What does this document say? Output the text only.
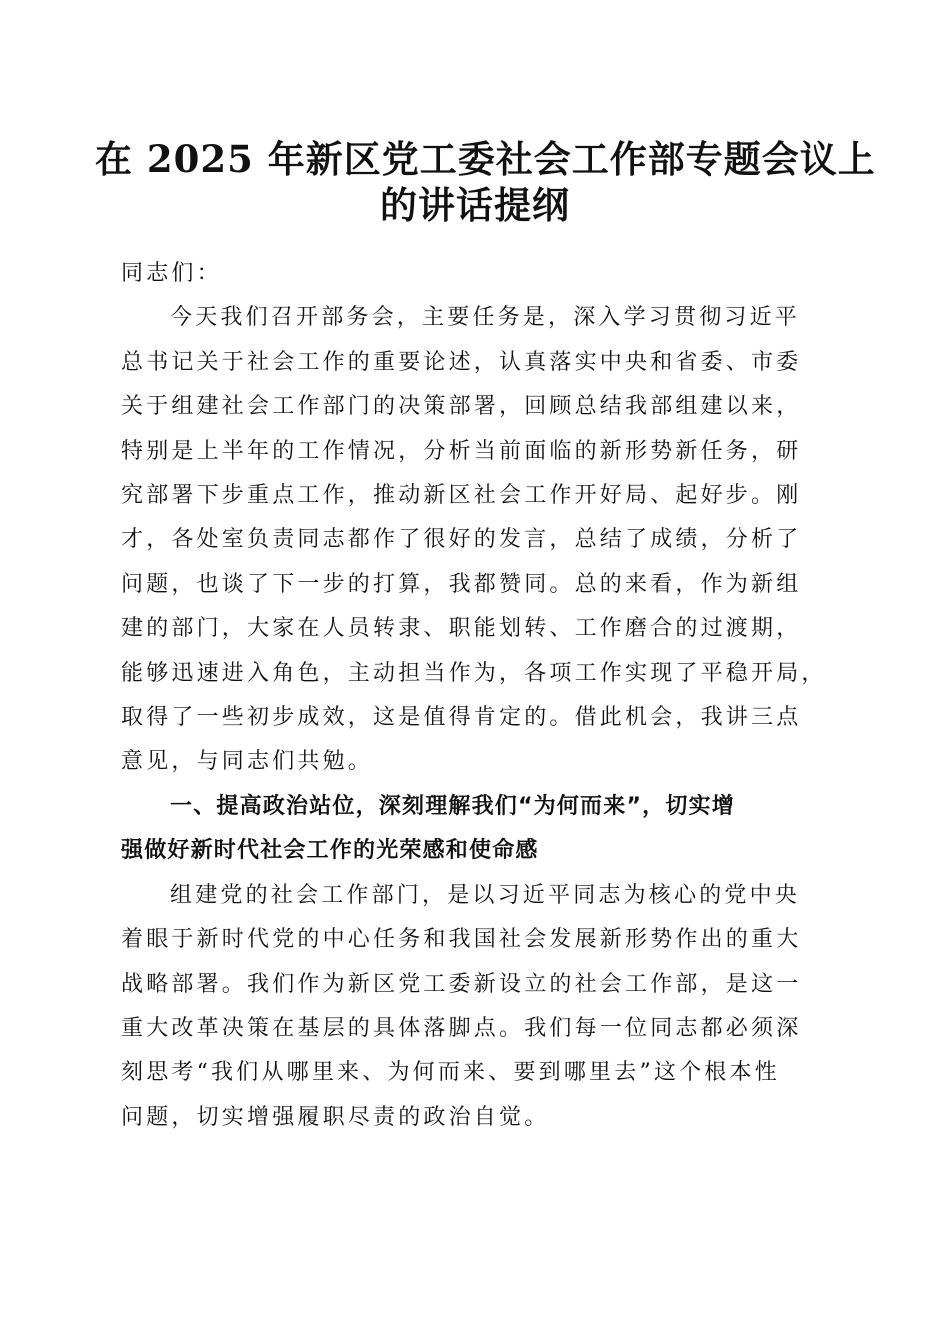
在 2025 年新区党工委社会工作部专题会议上
的讲话提纲

同志们：

今天我们召开部务会，主要任务是，深入学习贯彻习近平
总书记关于社会工作的重要论述，认真落实中央和省委、市委
关于组建社会工作部门的决策部署，回顾总结我部组建以来，
特别是上半年的工作情况，分析当前面临的新形势新任务，研
究部署下步重点工作，推动新区社会工作开好局、起好步。刚
才，各处室负责同志都作了很好的发言，总结了成绩，分析了
问题，也谈了下一步的打算，我都赞同。总的来看，作为新组
建的部门，大家在人员转隶、职能划转、工作磨合的过渡期，
能够迅速进入角色，主动担当作为，各项工作实现了平稳开局，
取得了一些初步成效，这是值得肯定的。借此机会，我讲三点
意见，与同志们共勉。

一、提高政治站位，深刻理解我们“为何而来”，切实增
强做好新时代社会工作的光荣感和使命感

组建党的社会工作部门，是以习近平同志为核心的党中央
着眼于新时代党的中心任务和我国社会发展新形势作出的重大
战略部署。我们作为新区党工委新设立的社会工作部，是这一
重大改革决策在基层的具体落脚点。我们每一位同志都必须深
刻思考“我们从哪里来、为何而来、要到哪里去”这个根本性
问题，切实增强履职尽责的政治自觉。
